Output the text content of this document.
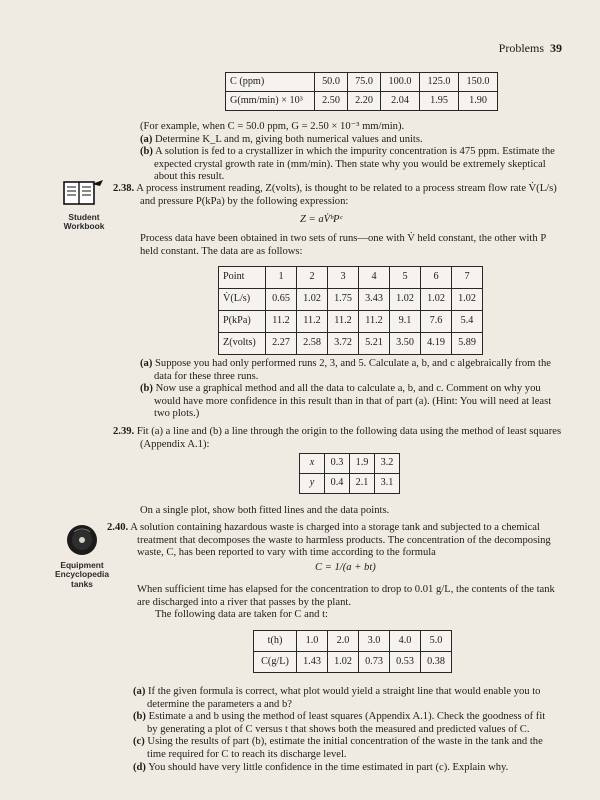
Problems 39
C (ppm)	50.0	75.0	100.0	125.0	150.0
G(mm/min) × 10³	2.50	2.20	2.04	1.95	1.90
(For example, when C = 50.0 ppm, G = 2.50 × 10⁻³ mm/min).
(a) Determine K_L and m, giving both numerical values and units.
(b) A solution is fed to a crystallizer in which the impurity concentration is 475 ppm. Estimate the
expected crystal growth rate in (mm/min). Then state why you would be extremely skeptical
about this result.
Student
Workbook
2.38. A process instrument reading, Z(volts), is thought to be related to a process stream flow rate V̇(L/s)
and pressure P(kPa) by the following expression:
Z = aV̇ᵇPᶜ
Process data have been obtained in two sets of runs—one with V̇ held constant, the other with P
held constant. The data are as follows:
Point	1	2	3	4	5	6	7
V̇(L/s)	0.65	1.02	1.75	3.43	1.02	1.02	1.02
P(kPa)	11.2	11.2	11.2	11.2	9.1	7.6	5.4
Z(volts)	2.27	2.58	3.72	5.21	3.50	4.19	5.89
(a) Suppose you had only performed runs 2, 3, and 5. Calculate a, b, and c algebraically from the
data for these three runs.
(b) Now use a graphical method and all the data to calculate a, b, and c. Comment on why you
would have more confidence in this result than in that of part (a). (Hint: You will need at least
two plots.)
2.39. Fit (a) a line and (b) a line through the origin to the following data using the method of least squares
(Appendix A.1):
x	0.3	1.9	3.2
y	0.4	2.1	3.1
On a single plot, show both fitted lines and the data points.
Equipment
Encyclopedia
tanks
2.40. A solution containing hazardous waste is charged into a storage tank and subjected to a chemical
treatment that decomposes the waste to harmless products. The concentration of the decomposing
waste, C, has been reported to vary with time according to the formula
C = 1/(a + bt)
When sufficient time has elapsed for the concentration to drop to 0.01 g/L, the contents of the tank
are discharged into a river that passes by the plant.
The following data are taken for C and t:
t(h)	1.0	2.0	3.0	4.0	5.0
C(g/L)	1.43	1.02	0.73	0.53	0.38
(a) If the given formula is correct, what plot would yield a straight line that would enable you to
determine the parameters a and b?
(b) Estimate a and b using the method of least squares (Appendix A.1). Check the goodness of fit
by generating a plot of C versus t that shows both the measured and predicted values of C.
(c) Using the results of part (b), estimate the initial concentration of the waste in the tank and the
time required for C to reach its discharge level.
(d) You should have very little confidence in the time estimated in part (c). Explain why.
